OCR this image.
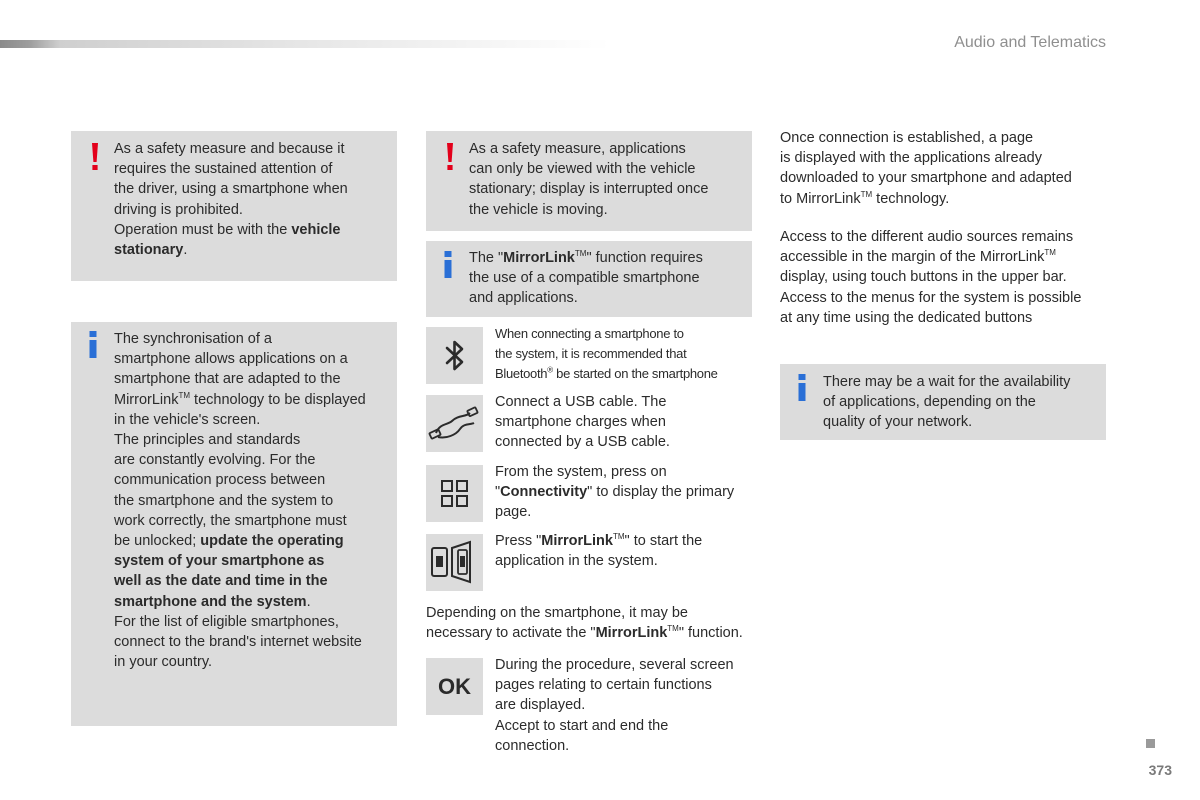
Audio and Telematics

As a safety measure and because it

requires the sustained attention of

the driver, using a smartphone when

driving is prohibited.

Operation must be with the vehicle

stationary.

The synchronisation of a

smartphone allows applications on a

smartphone that are adapted to the

MirrorLink™ technology to be displayed

in the vehicle's screen.

The principles and standards

are constantly evolving. For the

communication process between

the smartphone and the system to

work correctly, the smartphone must

be unlocked; update the operating

system of your smartphone as

well as the date and time in the

smartphone and the system.

For the list of eligible smartphones,

connect to the brand's internet website

in your country.

As a safety measure, applications

can only be viewed with the vehicle

stationary; display is interrupted once

the vehicle is moving.

The "MirrorLink™" function requires

the use of a compatible smartphone

and applications.

When connecting a smartphone to

the system, it is recommended that

Bluetooth® be started on the smartphone

Connect a USB cable. The

smartphone charges when

connected by a USB cable.

From the system, press on

"Connectivity" to display the primary

page.

Press "MirrorLink™" to start the

application in the system.

Depending on the smartphone, it may be

necessary to activate the "MirrorLink™" function.

OK

During the procedure, several screen

pages relating to certain functions

are displayed.

Accept to start and end the

connection.

Once connection is established, a page

is displayed with the applications already

downloaded to your smartphone and adapted

to MirrorLink™ technology.

Access to the different audio sources remains

accessible in the margin of the MirrorLink™

display, using touch buttons in the upper bar.

Access to the menus for the system is possible

at any time using the dedicated buttons

There may be a wait for the availability

of applications, depending on the

quality of your network.

373
